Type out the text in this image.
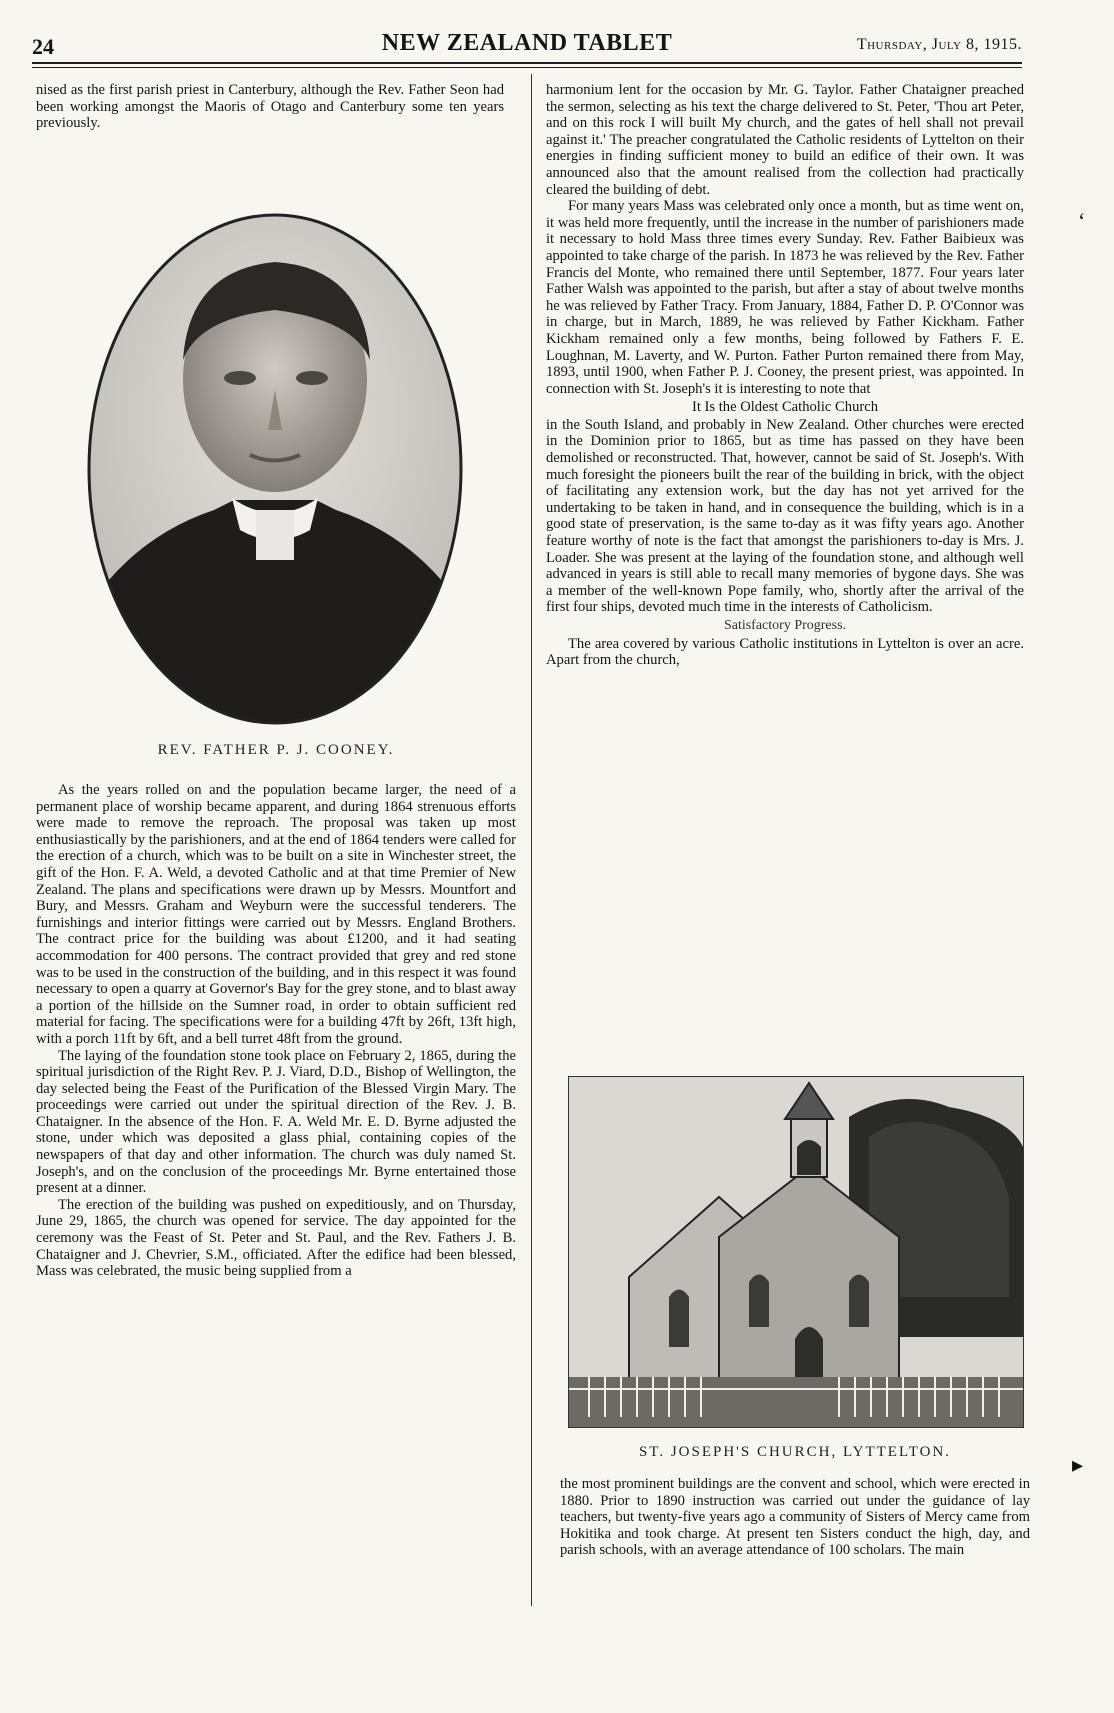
24	NEW ZEALAND TABLET	Thursday, July 8, 1915.

nised as the first parish priest in Canterbury, although the Rev. Father Seon had been working amongst the Maoris of Otago and Canterbury some ten years previously.

REV. FATHER P. J. COONEY.

As the years rolled on and the population became larger, the need of a permanent place of worship became apparent, and during 1864 strenuous efforts were made to remove the reproach. The proposal was taken up most enthusiastically by the parishioners, and at the end of 1864 tenders were called for the erection of a church, which was to be built on a site in Winchester street, the gift of the Hon. F. A. Weld, a devoted Catholic and at that time Premier of New Zealand. The plans and specifications were drawn up by Messrs. Mountfort and Bury, and Messrs. Graham and Weyburn were the successful tenderers. The furnishings and interior fittings were carried out by Messrs. England Brothers. The contract price for the building was about £1200, and it had seating accommodation for 400 persons. The contract provided that grey and red stone was to be used in the construction of the building, and in this respect it was found necessary to open a quarry at Governor's Bay for the grey stone, and to blast away a portion of the hillside on the Sumner road, in order to obtain sufficient red material for facing. The specifications were for a building 47ft by 26ft, 13ft high, with a porch 11ft by 6ft, and a bell turret 48ft from the ground.

The laying of the foundation stone took place on February 2, 1865, during the spiritual jurisdiction of the Right Rev. P. J. Viard, D.D., Bishop of Wellington, the day selected being the Feast of the Purification of the Blessed Virgin Mary. The proceedings were carried out under the spiritual direction of the Rev. J. B. Chataigner. In the absence of the Hon. F. A. Weld Mr. E. D. Byrne adjusted the stone, under which was deposited a glass phial, containing copies of the newspapers of that day and other information. The church was duly named St. Joseph's, and on the conclusion of the proceedings Mr. Byrne entertained those present at a dinner.

The erection of the building was pushed on expeditiously, and on Thursday, June 29, 1865, the church was opened for service. The day appointed for the ceremony was the Feast of St. Peter and St. Paul, and the Rev. Fathers J. B. Chataigner and J. Chevrier, S.M., officiated. After the edifice had been blessed, Mass was celebrated, the music being supplied from a

harmonium lent for the occasion by Mr. G. Taylor. Father Chataigner preached the sermon, selecting as his text the charge delivered to St. Peter, 'Thou art Peter, and on this rock I will built My church, and the gates of hell shall not prevail against it.' The preacher congratulated the Catholic residents of Lyttelton on their energies in finding sufficient money to build an edifice of their own. It was announced also that the amount realised from the collection had practically cleared the building of debt.

For many years Mass was celebrated only once a month, but as time went on, it was held more frequently, until the increase in the number of parishioners made it necessary to hold Mass three times every Sunday. Rev. Father Baibieux was appointed to take charge of the parish. In 1873 he was relieved by the Rev. Father Francis del Monte, who remained there until September, 1877. Four years later Father Walsh was appointed to the parish, but after a stay of about twelve months he was relieved by Father Tracy. From January, 1884, Father D. P. O'Connor was in charge, but in March, 1889, he was relieved by Father Kickham. Father Kickham remained only a few months, being followed by Fathers F. E. Loughnan, M. Laverty, and W. Purton. Father Purton remained there from May, 1893, until 1900, when Father P. J. Cooney, the present priest, was appointed. In connection with St. Joseph's it is interesting to note that

It Is the Oldest Catholic Church

in the South Island, and probably in New Zealand. Other churches were erected in the Dominion prior to 1865, but as time has passed on they have been demolished or reconstructed. That, however, cannot be said of St. Joseph's. With much foresight the pioneers built the rear of the building in brick, with the object of facilitating any extension work, but the day has not yet arrived for the undertaking to be taken in hand, and in consequence the building, which is in a good state of preservation, is the same to-day as it was fifty years ago. Another feature worthy of note is the fact that amongst the parishioners to-day is Mrs. J. Loader. She was present at the laying of the foundation stone, and although well advanced in years is still able to recall many memories of bygone days. She was a member of the well-known Pope family, who, shortly after the arrival of the first four ships, devoted much time in the interests of Catholicism.

Satisfactory Progress.

The area covered by various Catholic institutions in Lyttelton is over an acre. Apart from the church,

ST. JOSEPH'S CHURCH, LYTTELTON.

the most prominent buildings are the convent and school, which were erected in 1880. Prior to 1890 instruction was carried out under the guidance of lay teachers, but twenty-five years ago a community of Sisters of Mercy came from Hokitika and took charge. At present ten Sisters conduct the high, day, and parish schools, with an average attendance of 100 scholars. The main

ʻ
▸
